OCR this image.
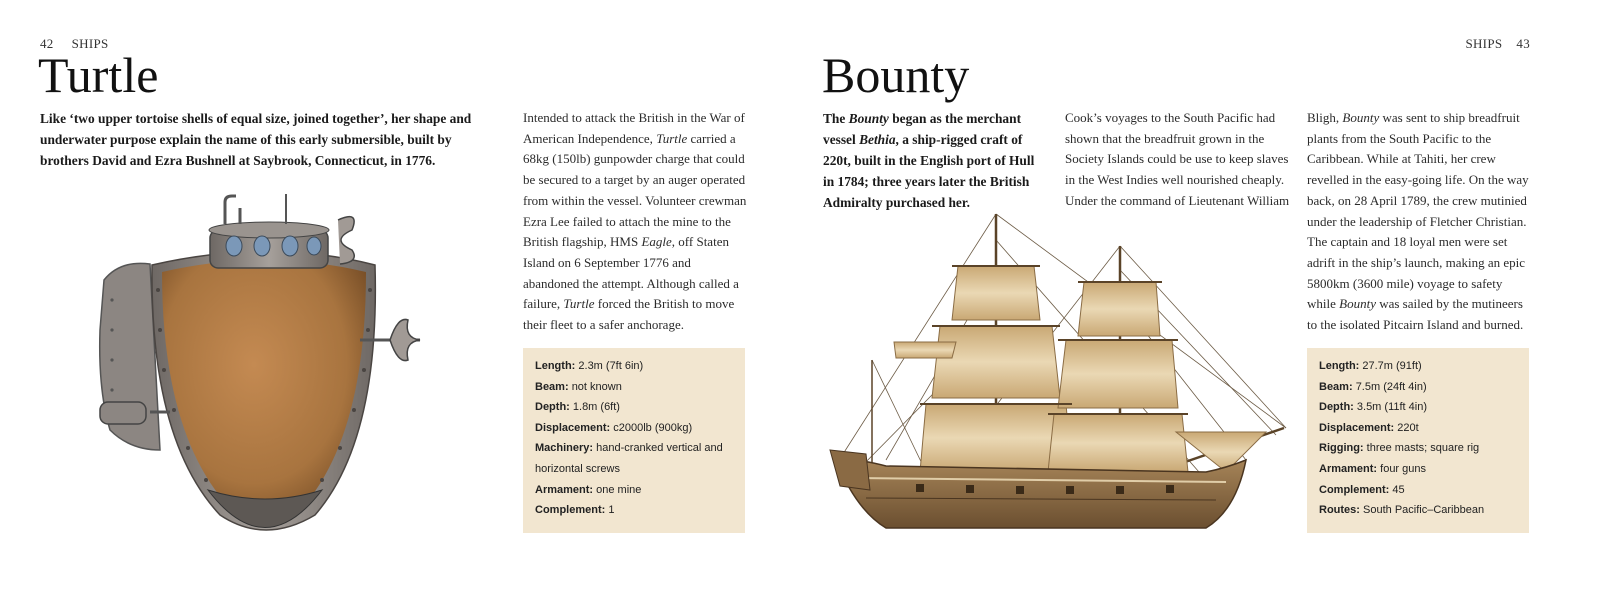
42 SHIPS
Turtle

Like ‘two upper tortoise shells of equal size, joined together’, her shape and underwater purpose explain the name of this early submersible, built by brothers David and Ezra Bushnell at Saybrook, Connecticut, in 1776.

Intended to attack the British in the War of American Independence, Turtle carried a 68kg (150lb) gunpowder charge that could be secured to a target by an auger operated from within the vessel. Volunteer crewman Ezra Lee failed to attach the mine to the British flagship, HMS Eagle, off Staten Island on 6 September 1776 and abandoned the attempt. Although called a failure, Turtle forced the British to move their fleet to a safer anchorage.

Length: 2.3m (7ft 6in)
Beam: not known
Depth: 1.8m (6ft)
Displacement: c2000lb (900kg)
Machinery: hand-cranked vertical and horizontal screws
Armament: one mine
Complement: 1
SHIPS 43
Bounty

The Bounty began as the merchant vessel Bethia, a ship-rigged craft of 220t, built in the English port of Hull in 1784; three years later the British Admiralty purchased her.

Cook’s voyages to the South Pacific had shown that the breadfruit grown in the Society Islands could be use to keep slaves in the West Indies well nourished cheaply. Under the command of Lieutenant William

Bligh, Bounty was sent to ship breadfruit plants from the South Pacific to the Caribbean. While at Tahiti, her crew revelled in the easy-going life. On the way back, on 28 April 1789, the crew mutinied under the leadership of Fletcher Christian. The captain and 18 loyal men were set adrift in the ship’s launch, making an epic 5800km (3600 mile) voyage to safety while Bounty was sailed by the mutineers to the isolated Pitcairn Island and burned.

Length: 27.7m (91ft)
Beam: 7.5m (24ft 4in)
Depth: 3.5m (11ft 4in)
Displacement: 220t
Rigging: three masts; square rig
Armament: four guns
Complement: 45
Routes: South Pacific–Caribbean
